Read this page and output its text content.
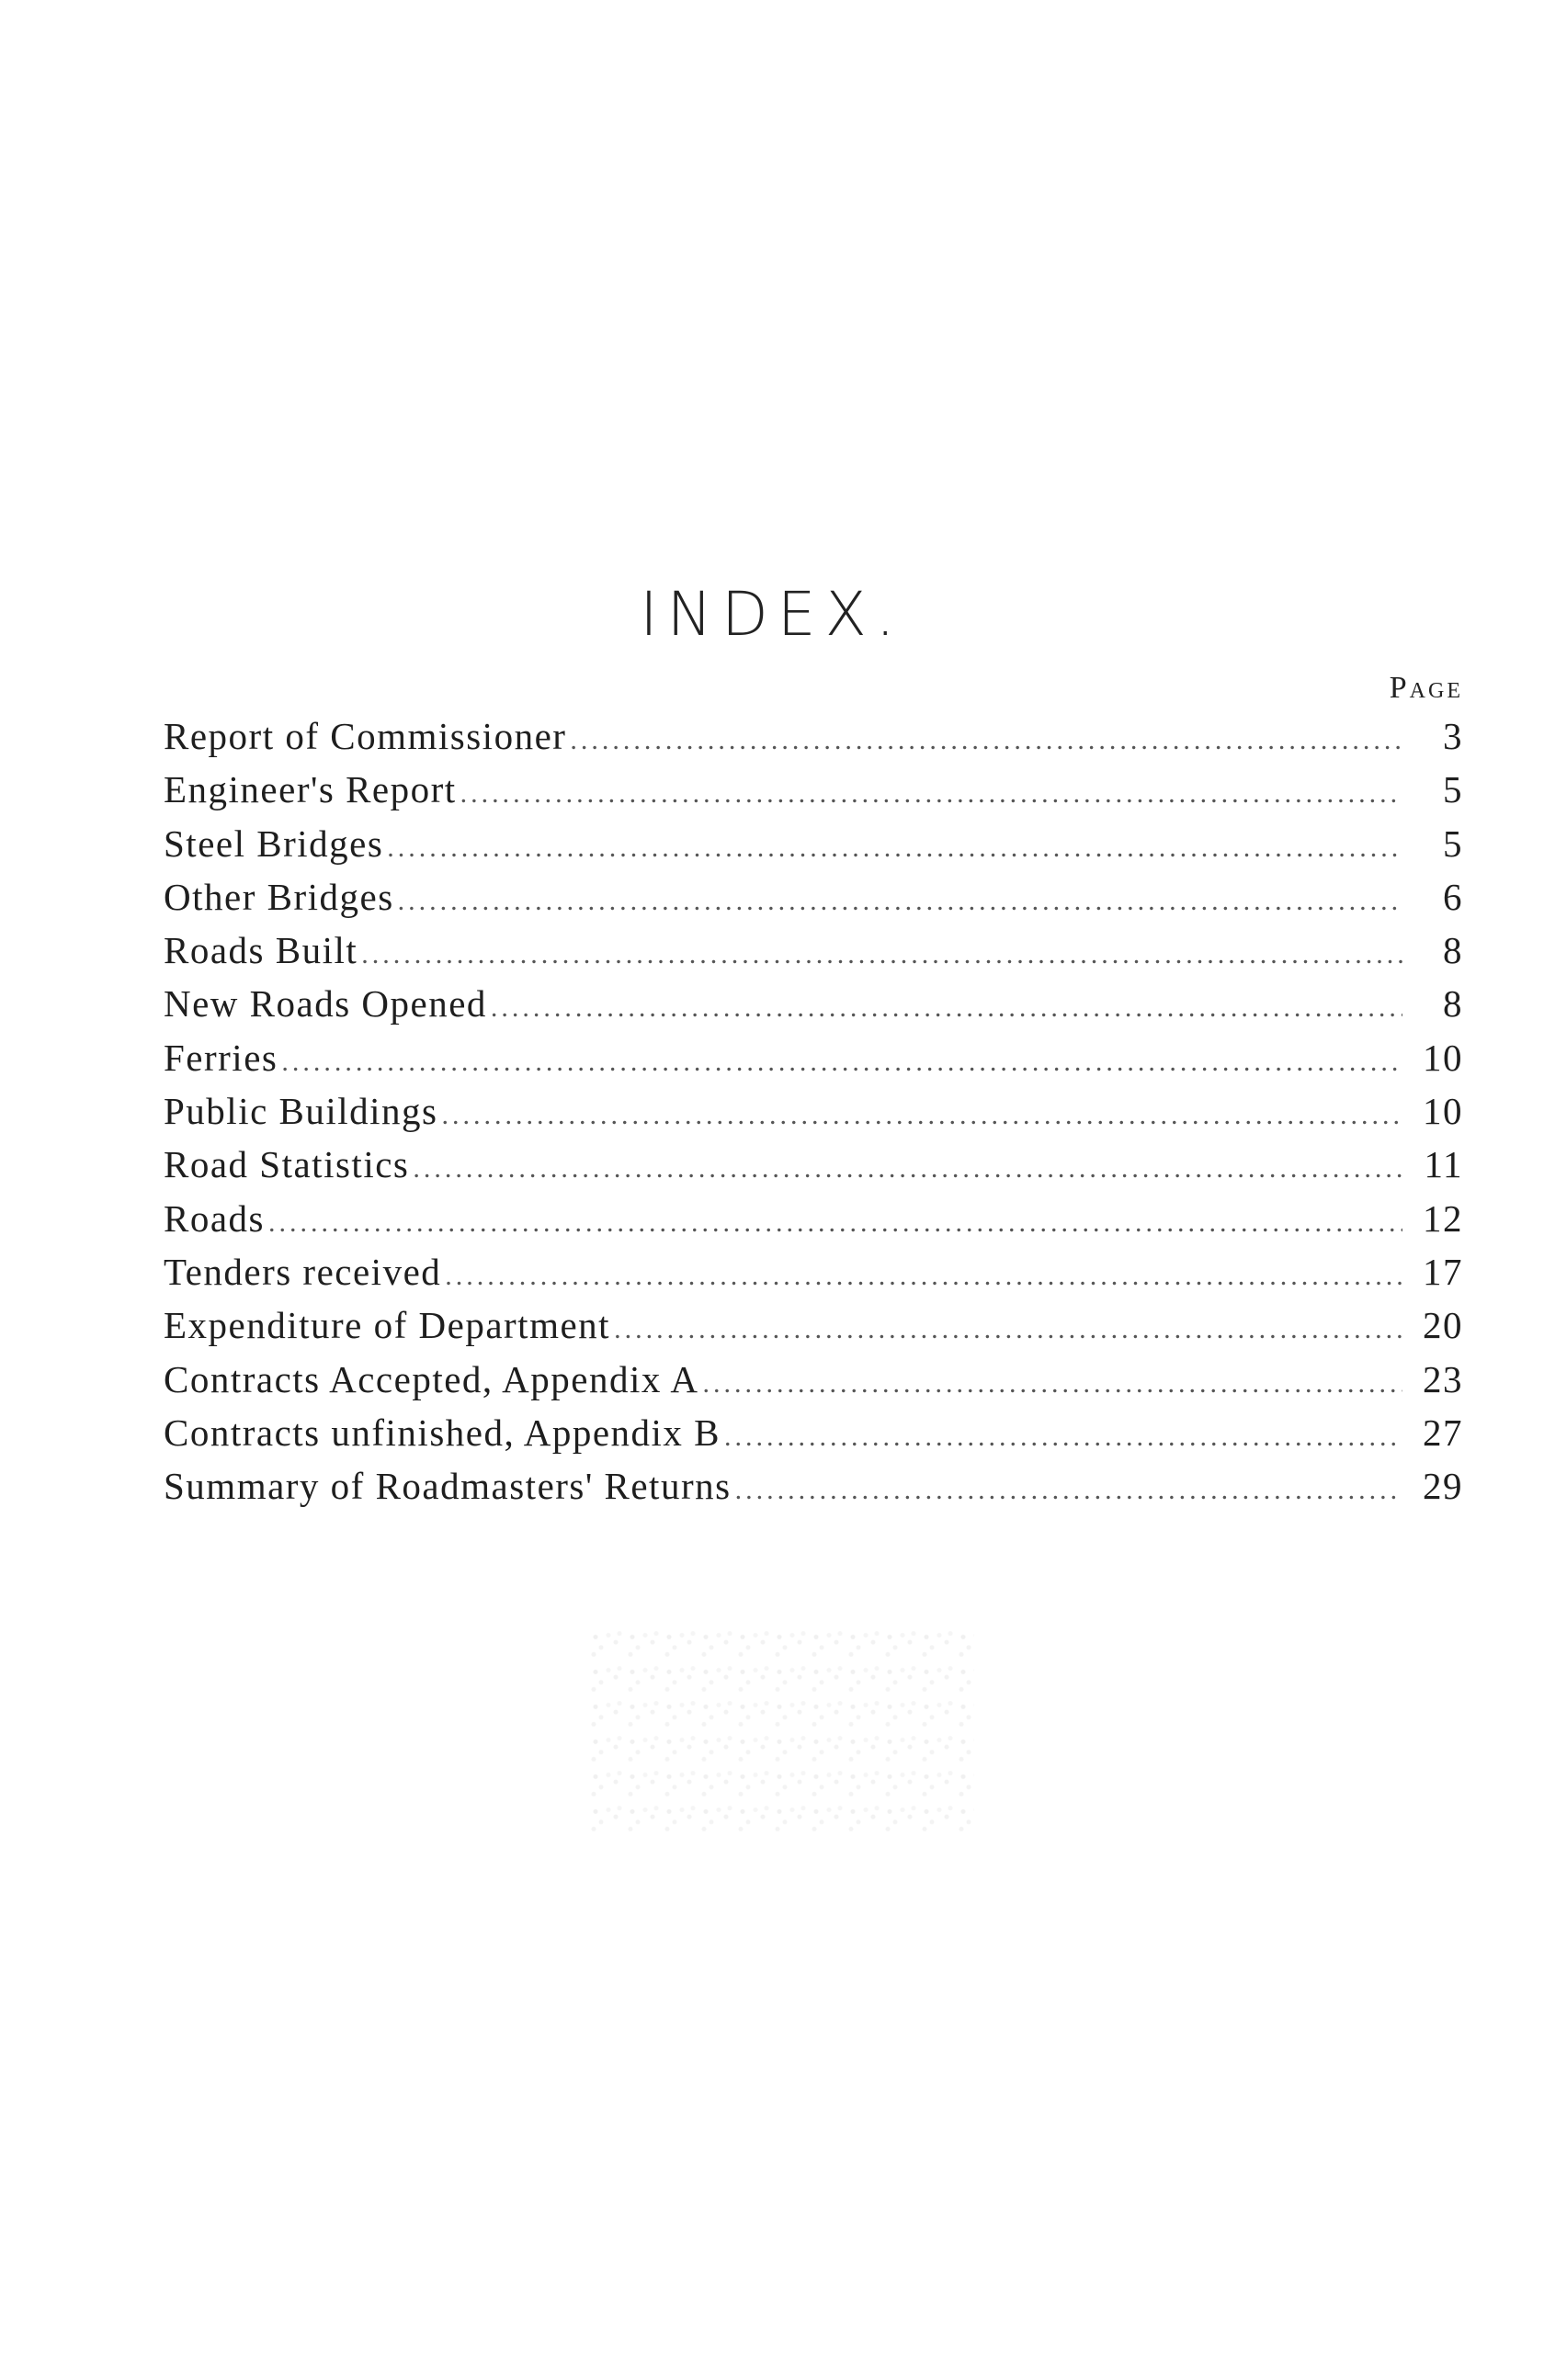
INDEX.
Page
Report of Commissioner .....	3
Engineer's Report .....	5
Steel Bridges .....	5
Other Bridges .....	6
Roads Built .....	8
New Roads Opened .....	8
Ferries .....	10
Public Buildings .....	10
Road Statistics .....	11
Roads .....	12
Tenders received .....	17
Expenditure of Department .....	20
Contracts Accepted, Appendix A .....	23
Contracts unfinished, Appendix B .....	27
Summary of Roadmasters' Returns .....	29
